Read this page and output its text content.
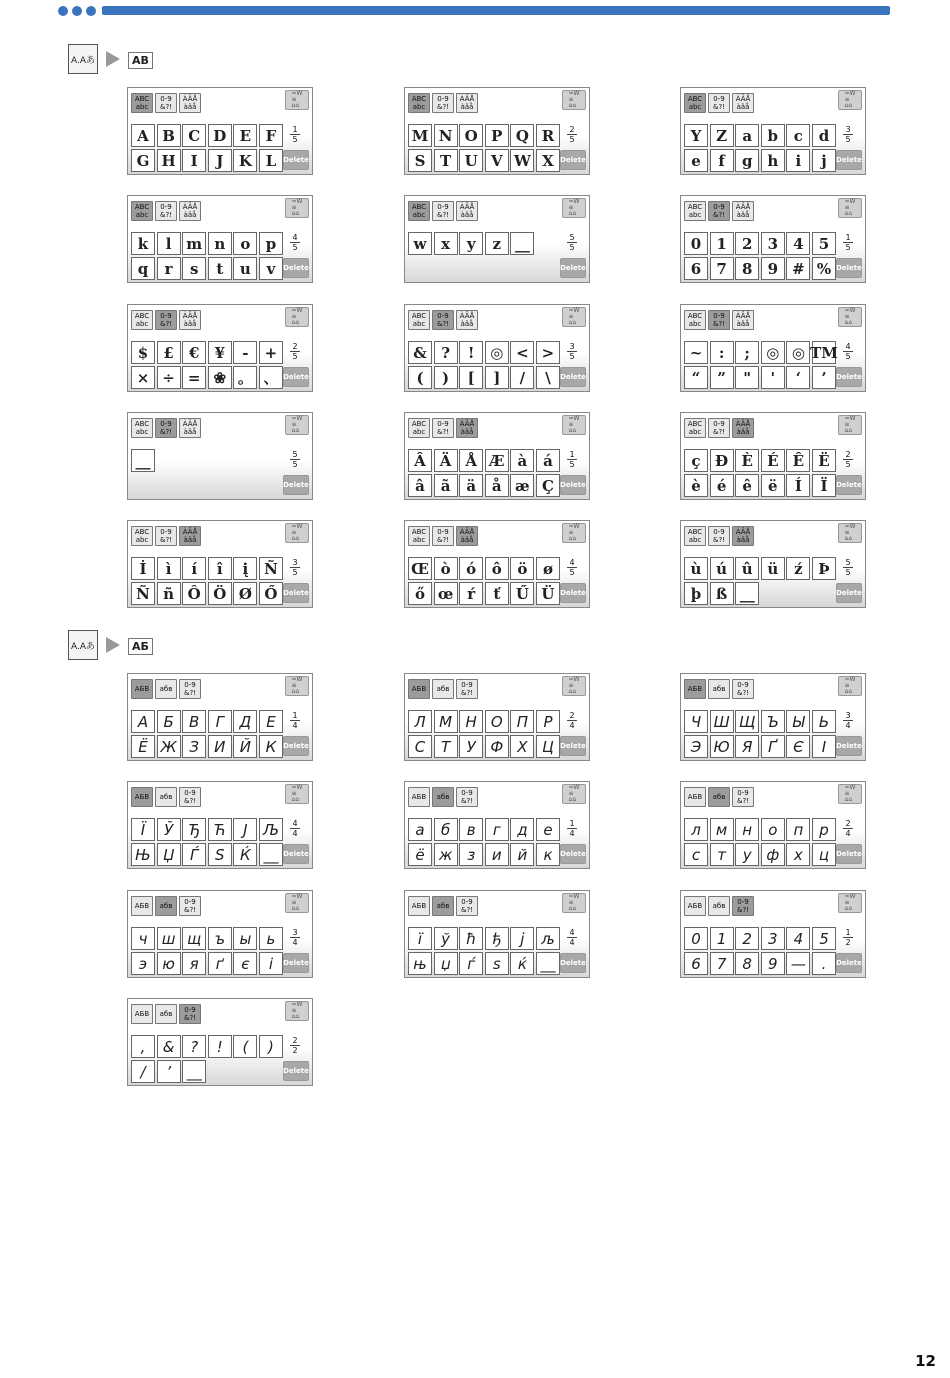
A.Aあ	AB
ABC
abc
0-9
&?!
ÀÂÅ
àâå
≈W
≡
⌂⌂
A B C D E F
G H I	J	K L
1
5
Delete
ABC
abc
0-9
&?!
ÀÂÅ
àâå
≈W
≡
⌂⌂
M N O P Q R
S T U V W X
2
5
Delete
ABC
abc
0-9
&?!
ÀÂÅ
àâå
≈W
≡
⌂⌂
Y Z	a	b	c	d
e	f	g h	i	j
3
5
Delete
ABC
abc
0-9
&?!
ÀÂÅ
àâå
≈W
≡
⌂⌂
k	l m n	o	p
q	r	s	t	u	v
4
5
Delete
ABC
abc
0-9
&?!
ÀÂÅ
àâå
≈W
≡
⌂⌂
w x	y	z __	5
5
Delete
ABC
abc
0-9
&?!
ÀÂÅ
àâå
≈W
≡
⌂⌂
0	1	2	3	4	5
6	7	8	9 # %
1
5
Delete
ABC
abc
0-9
&?!
ÀÂÅ
àâå
≈W
≡
⌂⌂
$	£	€	¥	-	+
× ÷ = ❀ 。 、
2
5
Delete
ABC
abc
0-9
&?!
ÀÂÅ
àâå
≈W
≡
⌂⌂
& ?	!	◎ < >
(	)	[	]	/	\
3
5
Delete
ABC
abc
0-9
&?!
ÀÂÅ
àâå
≈W
≡
⌂⌂
~	:	;	◎ ◎ TM
“	”	"	'	‘	’
4
5
Delete
ABC
abc
0-9
&?!
ÀÂÅ
àâå
≈W
≡
⌂⌂
__	5
5
Delete
ABC
abc
0-9
&?!
ÀÂÅ
àâå
≈W
≡
⌂⌂
Â Ä Å Æ à	á
â	ã	ä	å æ Ç
1
5
Delete
ABC
abc
0-9
&?!
ÀÂÅ
àâå
≈W
≡
⌂⌂
ç Ð È É Ê Ë
è	é	ê	ë	Í	Ï
2
5
Delete
ABC
abc
0-9
&?!
ÀÂÅ
àâå
≈W
≡
⌂⌂
İ	ì	í	î	į	Ñ
Ñ ñ Ô Ö Ø Ő
3
5
Delete
ABC
abc
0-9
&?!
ÀÂÅ
àâå
≈W
≡
⌂⌂
Œ ò	ó	ô	ö	ø
ő œ ŕ	ť	Ű Ü
4
5
Delete
ABC
abc
0-9
&?!
ÀÂÅ
àâå
≈W
≡
⌂⌂
ù ú û ü	ź	Þ
þ ß __
5
5
Delete
A.Aあ	АБ
АБВ	абв	0-9
&?!
≈W
≡
⌂⌂
А	Б	В	Г	Д Е
Ё Ж З	И Й К
1
4
Delete
АБВ	абв	0-9
&?!
≈W
≡
⌂⌂
Л М Н О П	Р
С	Т	У Ф Х Ц
2
4
Delete
АБВ	абв	0-9
&?!
≈W
≡
⌂⌂
Ч Ш Щ Ъ Ы Ь
Э Ю Я	Ґ	Є	І
3
4
Delete
АБВ	абв	0-9
&?!
≈W
≡
⌂⌂
Ї	Ў	Ђ Ћ	Ј	Љ
Њ Џ	Ѓ	Ѕ	Ќ __
4
4
Delete
АБВ	абв	0-9
&?!
≈W
≡
⌂⌂
а	б	в	г	д	е
ё ж з	и	й	к
1
4
Delete
АБВ	абв	0-9
&?!
≈W
≡
⌂⌂
л	м	н	о	п	р
с	т	у ф х	ц
2
4
Delete
АБВ	абв	0-9
&?!
≈W
≡
⌂⌂
ч ш щ ъ ы	ь
э	ю я	ґ	є	і
3
4
Delete
АБВ	абв	0-9
&?!
≈W
≡
⌂⌂
ї	ў	ħ	ђ	ј	љ
њ џ	ѓ	ѕ	ќ __
4
4
Delete
АБВ	абв	0-9
&?!
≈W
≡
⌂⌂
0	1	2	3	4	5
6	7	8	9 —	.
1
2
Delete
АБВ	абв	0-9
&?!
≈W
≡
⌂⌂
,	&	?	!	(	)
/	’	__
2
2
Delete
12
